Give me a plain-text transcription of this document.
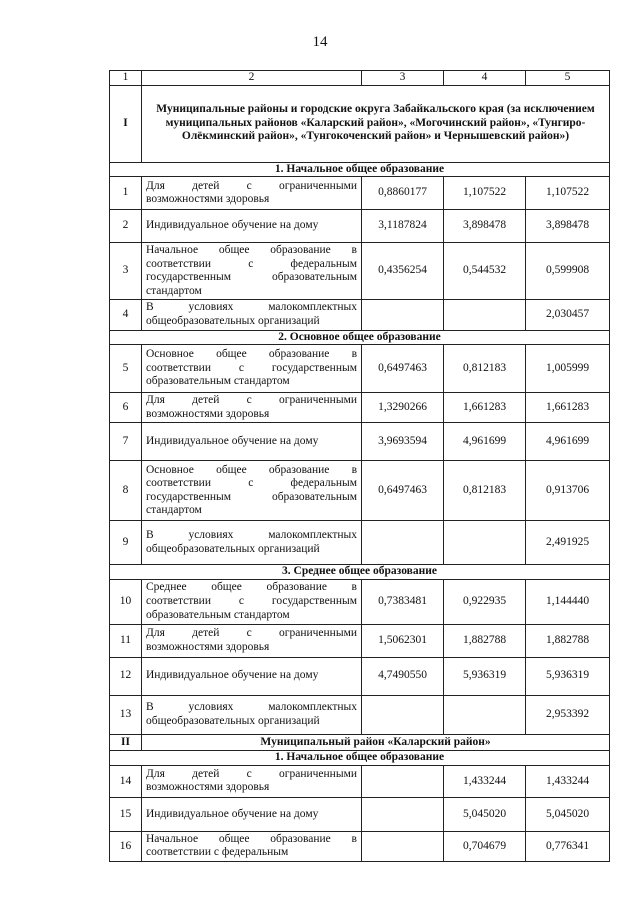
14
1	2	3	4	5
I	Муниципальные районы и городские округа Забайкальского края (за исключением муниципальных районов «Каларский район», «Могочинский район», «Тунгиро-Олёкминский район», «Тунгокоченский район» и Чернышевский район»)			
1. Начальное общее образование				
1	Для детей с ограниченными возможностями здоровья	0,8860177	1,107522	1,107522
2	Индивидуальное обучение на дому	3,1187824	3,898478	3,898478
3	Начальное общее образование в соответствии с федеральным государственным образовательным стандартом	0,4356254	0,544532	0,599908
4	В условиях малокомплектных общеобразовательных организаций			2,030457
2. Основное общее образование				
5	Основное общее образование в соответствии с государственным образовательным стандартом	0,6497463	0,812183	1,005999
6	Для детей с ограниченными возможностями здоровья	1,3290266	1,661283	1,661283
7	Индивидуальное обучение на дому	3,9693594	4,961699	4,961699
8	Основное общее образование в соответствии с федеральным государственным образовательным стандартом	0,6497463	0,812183	0,913706
9	В условиях малокомплектных общеобразовательных организаций			2,491925
3. Среднее общее образование				
10	Среднее общее образование в соответствии с государственным образовательным стандартом	0,7383481	0,922935	1,144440
11	Для детей с ограниченными возможностями здоровья	1,5062301	1,882788	1,882788
12	Индивидуальное обучение на дому	4,7490550	5,936319	5,936319
13	В условиях малокомплектных общеобразовательных организаций			2,953392
II	Муниципальный район «Каларский район»			
1. Начальное общее образование				
14	Для детей с ограниченными возможностями здоровья		1,433244	1,433244
15	Индивидуальное обучение на дому		5,045020	5,045020
16	Начальное общее образование в соответствии с федеральным		0,704679	0,776341
